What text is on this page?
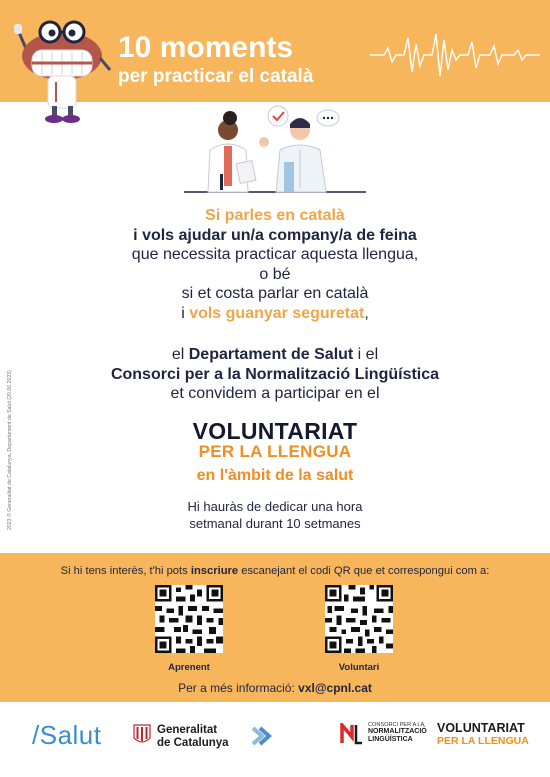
10 moments
per practicar el català
2023 © Generalitat de Catalunya. Departament de Salut (20.06.2023)
Si parles en català
i vols ajudar un/a company/a de feina
que necessita practicar aquesta llengua,
o bé
si et costa parlar en català
i vols guanyar seguretat,
el Departament de Salut i el
Consorci per a la Normalització Lingüística
et convidem a participar en el
VOLUNTARIAT
PER LA LLENGUA
en l'àmbit de la salut
Hi hauràs de dedicar una hora
setmanal durant 10 setmanes
Si hi tens interès, t'hi pots inscriure escanejant el codi QR que et correspongui com a:
Aprenent	Voluntari
Per a més informació: vxl@cpnl.cat
/Salut	Generalitat
de Catalunya
CONSORCI PER A LA
NORMALITZACIÓ
LINGÜÍSTICA
VOLUNTARIAT
PER LA LLENGUA
